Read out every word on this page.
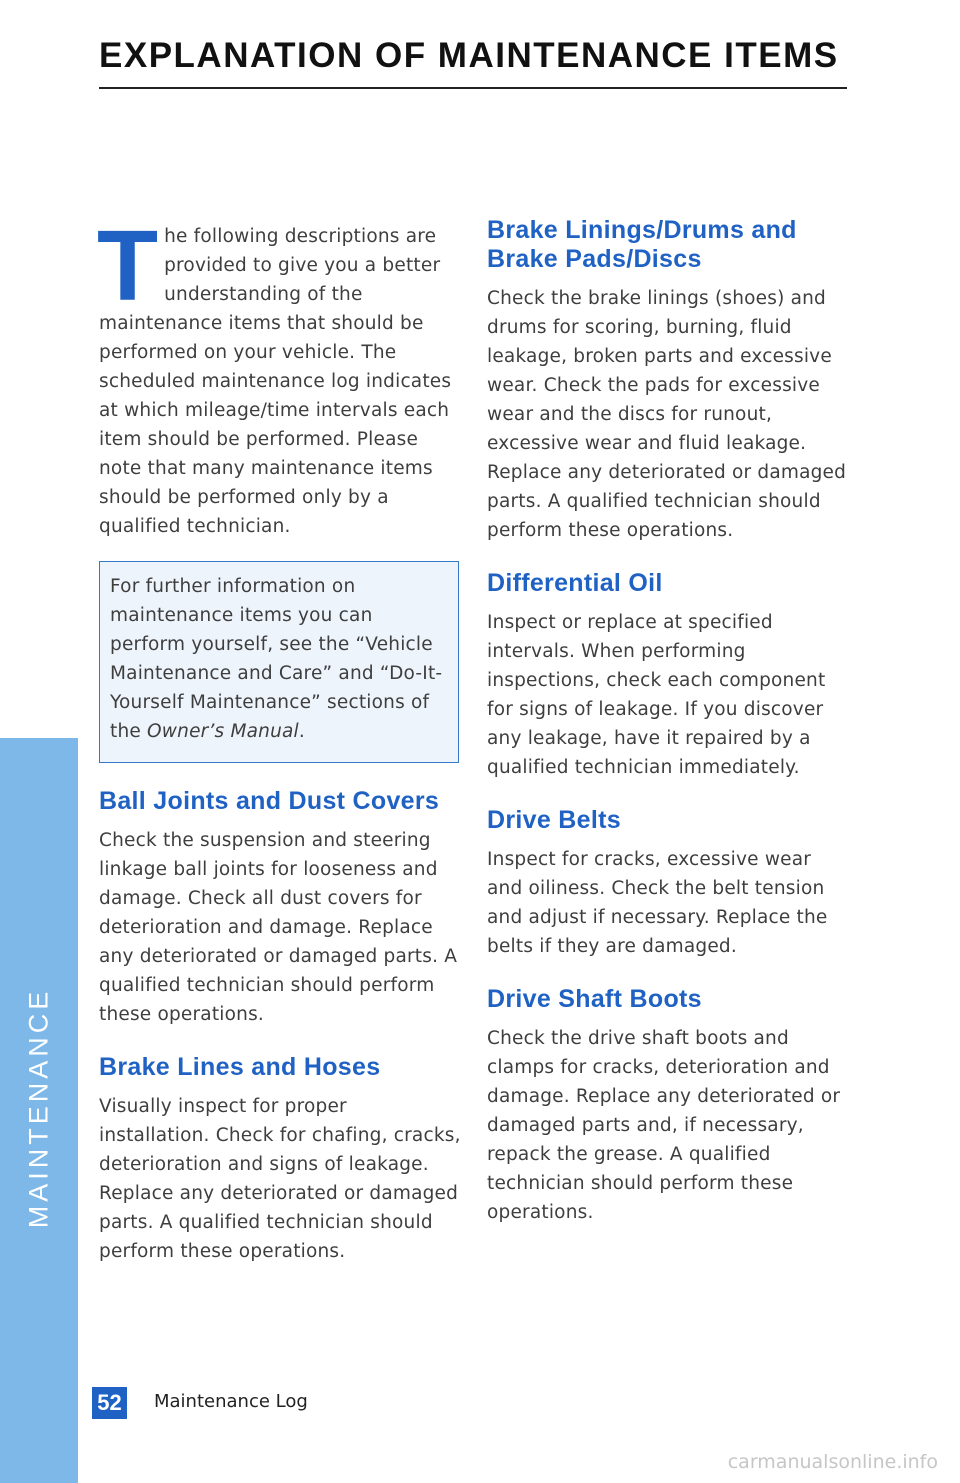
EXPLANATION OF MAINTENANCE ITEMS
MAINTENANCE
T he following descriptions are provided to give you a better understanding of the maintenance items that should be performed on your vehicle. The scheduled maintenance log indicates at which mileage/time intervals each item should be performed. Please note that many maintenance items should be performed only by a qualified technician.

For further information on maintenance items you can perform yourself, see the “Vehicle Maintenance and Care” and “Do-It-Yourself Maintenance” sections of the Owner’s Manual.

Ball Joints and Dust Covers

Check the suspension and steering linkage ball joints for looseness and damage. Check all dust covers for deterioration and damage. Replace any deteriorated or damaged parts. A qualified technician should perform these operations.

Brake Lines and Hoses

Visually inspect for proper installation. Check for chafing, cracks, deterioration and signs of leakage. Replace any deteriorated or damaged parts. A qualified technician should perform these operations.

Brake Linings/Drums and Brake Pads/Discs

Check the brake linings (shoes) and drums for scoring, burning, fluid leakage, broken parts and excessive wear. Check the pads for excessive wear and the discs for runout, excessive wear and fluid leakage. Replace any deteriorated or damaged parts. A qualified technician should perform these operations.

Differential Oil

Inspect or replace at specified intervals. When performing inspections, check each component for signs of leakage. If you discover any leakage, have it repaired by a qualified technician immediately.

Drive Belts

Inspect for cracks, excessive wear and oiliness. Check the belt tension and adjust if necessary. Replace the belts if they are damaged.

Drive Shaft Boots

Check the drive shaft boots and clamps for cracks, deterioration and damage. Replace any deteriorated or damaged parts and, if necessary, repack the grease. A qualified technician should perform these operations.

52 Maintenance Log
carmanualsonline.info
